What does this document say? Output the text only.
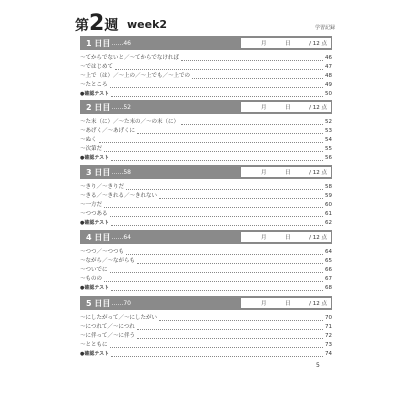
第2週 week2	学習記録
1 日目 ……46	月	日	/ 12 点
～てからでないと／～てからでなければ	46
～ではじめて	47
～上で（は）／～上の／～上でも／～上での	48
～たところ	49
●確認テスト	50
2 日目 ……52	月	日	/ 12 点
～た末（に）／～た末の／～の末（に）	52
～あげく／～あげくに	53
～ぬく	54
～次第だ	55
●確認テスト	56
3 日目 ……58	月	日	/ 12 点
～きり／～きりだ	58
～きる／～きれる／～きれない	59
～一方だ	60
～つつある	61
●確認テスト	62
4 日目 ……64	月	日	/ 12 点
～つつ／～つつも	64
～ながら／～ながらも	65
～ついでに	66
～ものの	67
●確認テスト	68
5 日目 ……70	月	日	/ 12 点
～にしたがって／～にしたがい	70
～につれて／～につれ	71
～に伴って／～に伴う	72
～とともに	73
●確認テスト	74
5
